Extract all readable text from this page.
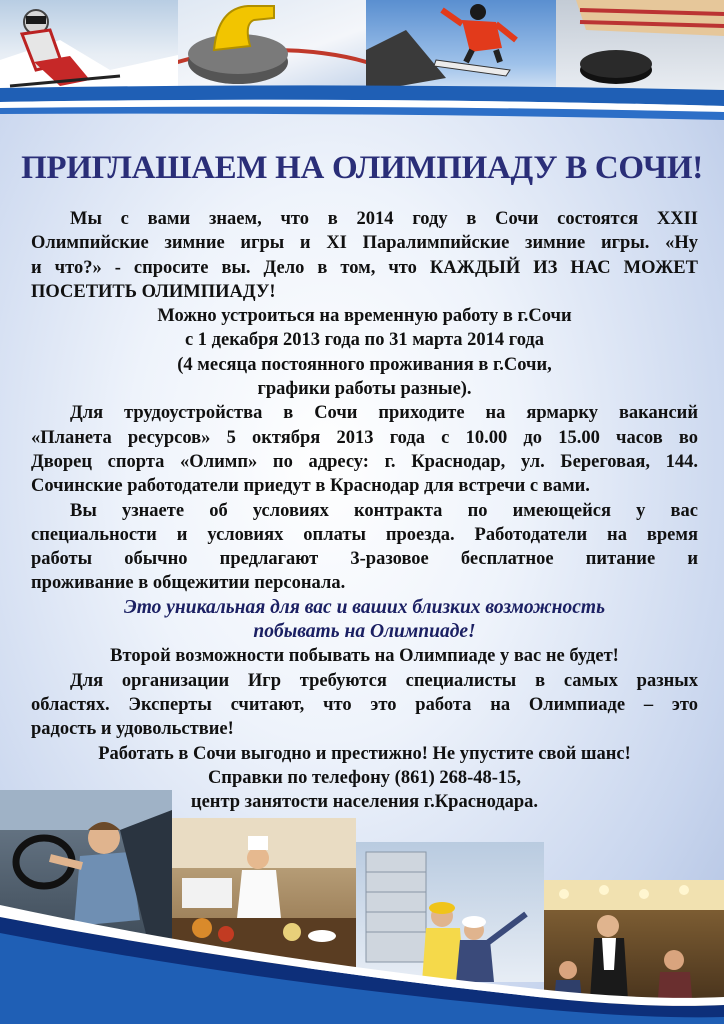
ПРИГЛАШАЕМ НА ОЛИМПИАДУ В СОЧИ!

Мы с вами знаем, что в 2014 году в Сочи состоятся XXII

Олимпийские зимние игры и XI Паралимпийские зимние игры. «Ну

и что?» - спросите вы. Дело в том, что КАЖДЫЙ ИЗ НАС МОЖЕТ

ПОСЕТИТЬ ОЛИМПИАДУ!

Можно устроиться на временную работу в г.Сочи

с 1 декабря 2013 года по 31 марта 2014 года

(4 месяца постоянного проживания в г.Сочи,

графики работы разные).

Для трудоустройства в Сочи приходите на ярмарку вакансий

«Планета ресурсов» 5 октября 2013 года с 10.00 до 15.00 часов во

Дворец спорта «Олимп» по адресу: г. Краснодар, ул. Береговая, 144.

Сочинские работодатели приедут в Краснодар для встречи с вами.

Вы узнаете об условиях контракта по имеющейся у вас

специальности и условиях оплаты проезда. Работодатели на время

работы обычно предлагают 3-разовое бесплатное питание и

проживание в общежитии персонала.

Это уникальная для вас и ваших близких возможность

побывать на Олимпиаде!

Второй возможности побывать на Олимпиаде у вас не будет!

Для организации Игр требуются специалисты в самых разных

областях. Эксперты считают, что это работа на Олимпиаде – это

радость и удовольствие!

Работать в Сочи выгодно и престижно! Не упустите свой шанс!

Справки по телефону (861) 268-48-15,

центр занятости населения г.Краснодара.
